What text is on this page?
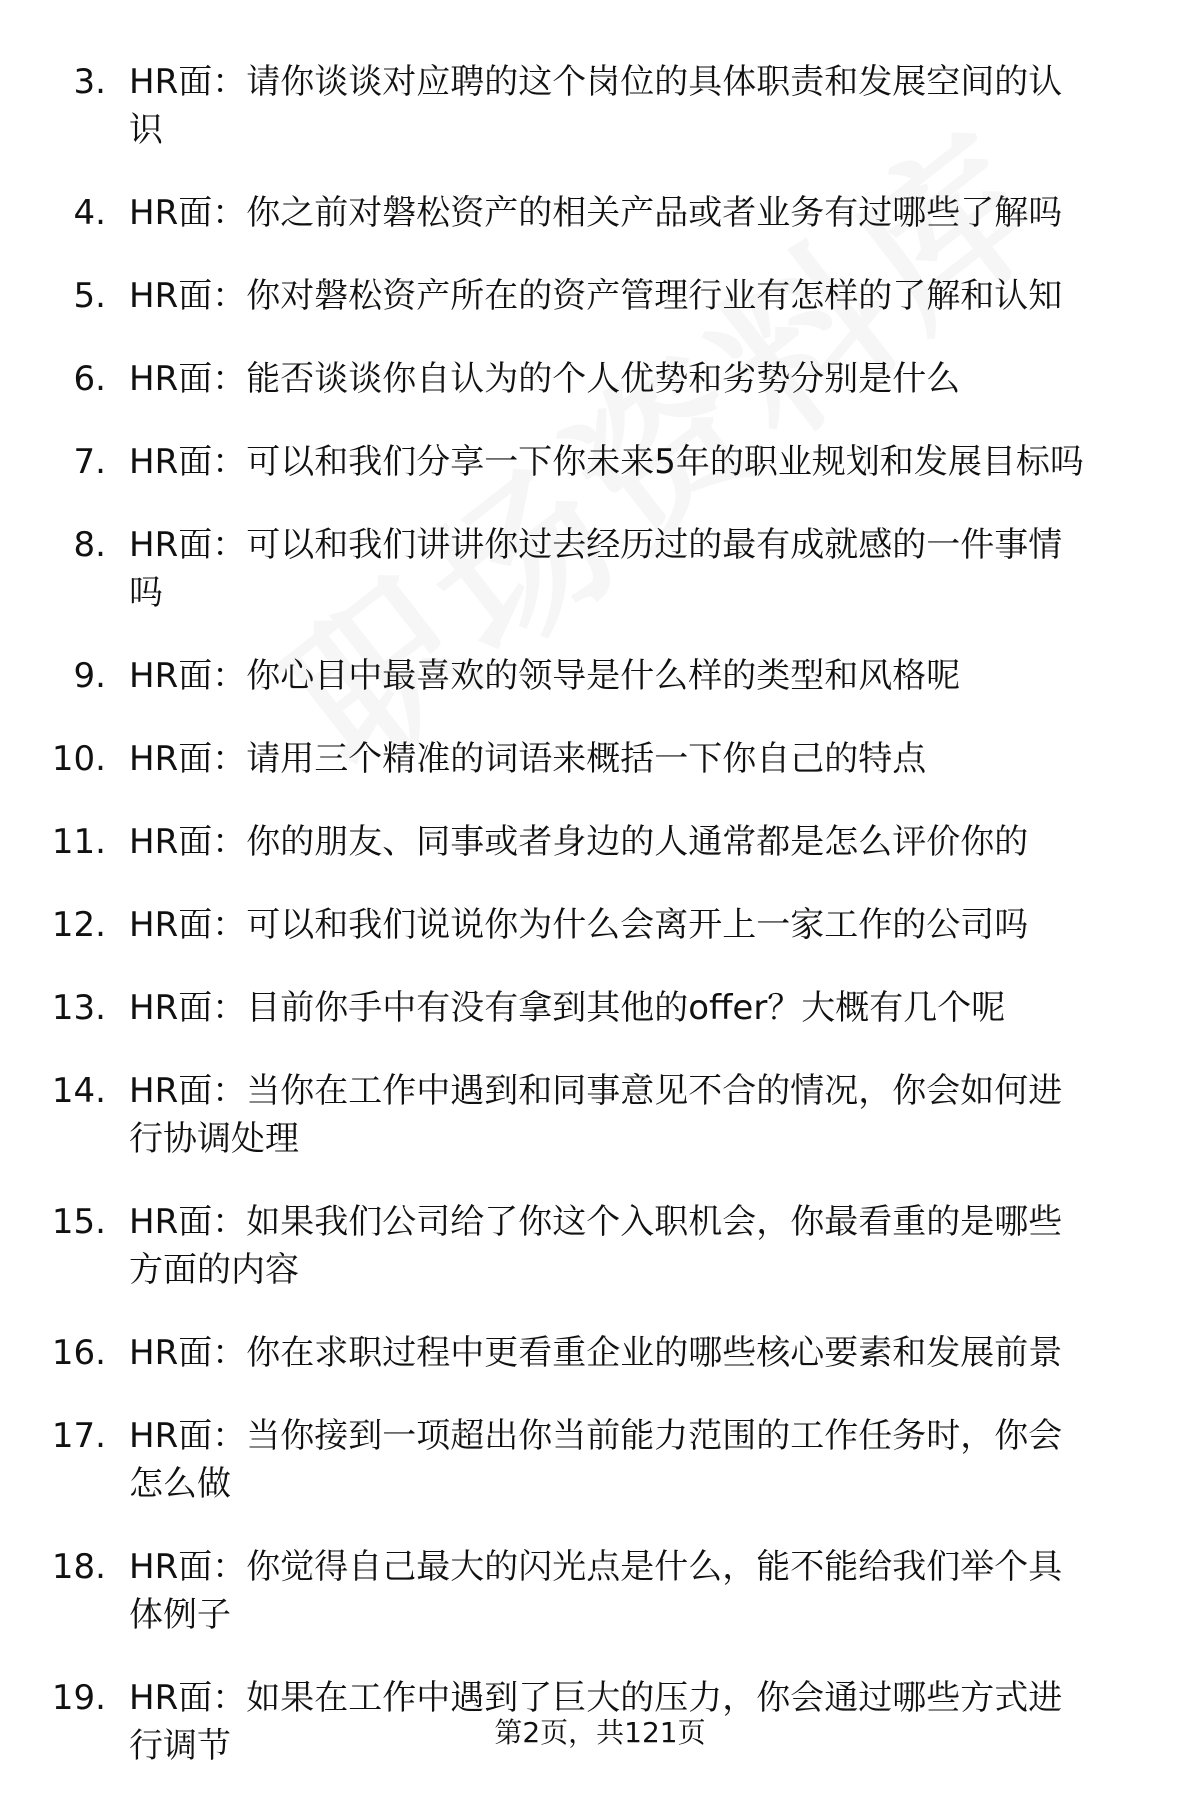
3. HR面：请你谈谈对应聘的这个岗位的具体职责和发展空间的认识
4. HR面：你之前对磐松资产的相关产品或者业务有过哪些了解吗
5. HR面：你对磐松资产所在的资产管理行业有怎样的了解和认知
6. HR面：能否谈谈你自认为的个人优势和劣势分别是什么
7. HR面：可以和我们分享一下你未来5年的职业规划和发展目标吗
8. HR面：可以和我们讲讲你过去经历过的最有成就感的一件事情吗
9. HR面：你心目中最喜欢的领导是什么样的类型和风格呢
10. HR面：请用三个精准的词语来概括一下你自己的特点
11. HR面：你的朋友、同事或者身边的人通常都是怎么评价你的
12. HR面：可以和我们说说你为什么会离开上一家工作的公司吗
13. HR面：目前你手中有没有拿到其他的offer？大概有几个呢
14. HR面：当你在工作中遇到和同事意见不合的情况，你会如何进行协调处理
15. HR面：如果我们公司给了你这个入职机会，你最看重的是哪些方面的内容
16. HR面：你在求职过程中更看重企业的哪些核心要素和发展前景
17. HR面：当你接到一项超出你当前能力范围的工作任务时，你会怎么做
18. HR面：你觉得自己最大的闪光点是什么，能不能给我们举个具体例子
19. HR面：如果在工作中遇到了巨大的压力，你会通过哪些方式进行调节	第2页，共121页
